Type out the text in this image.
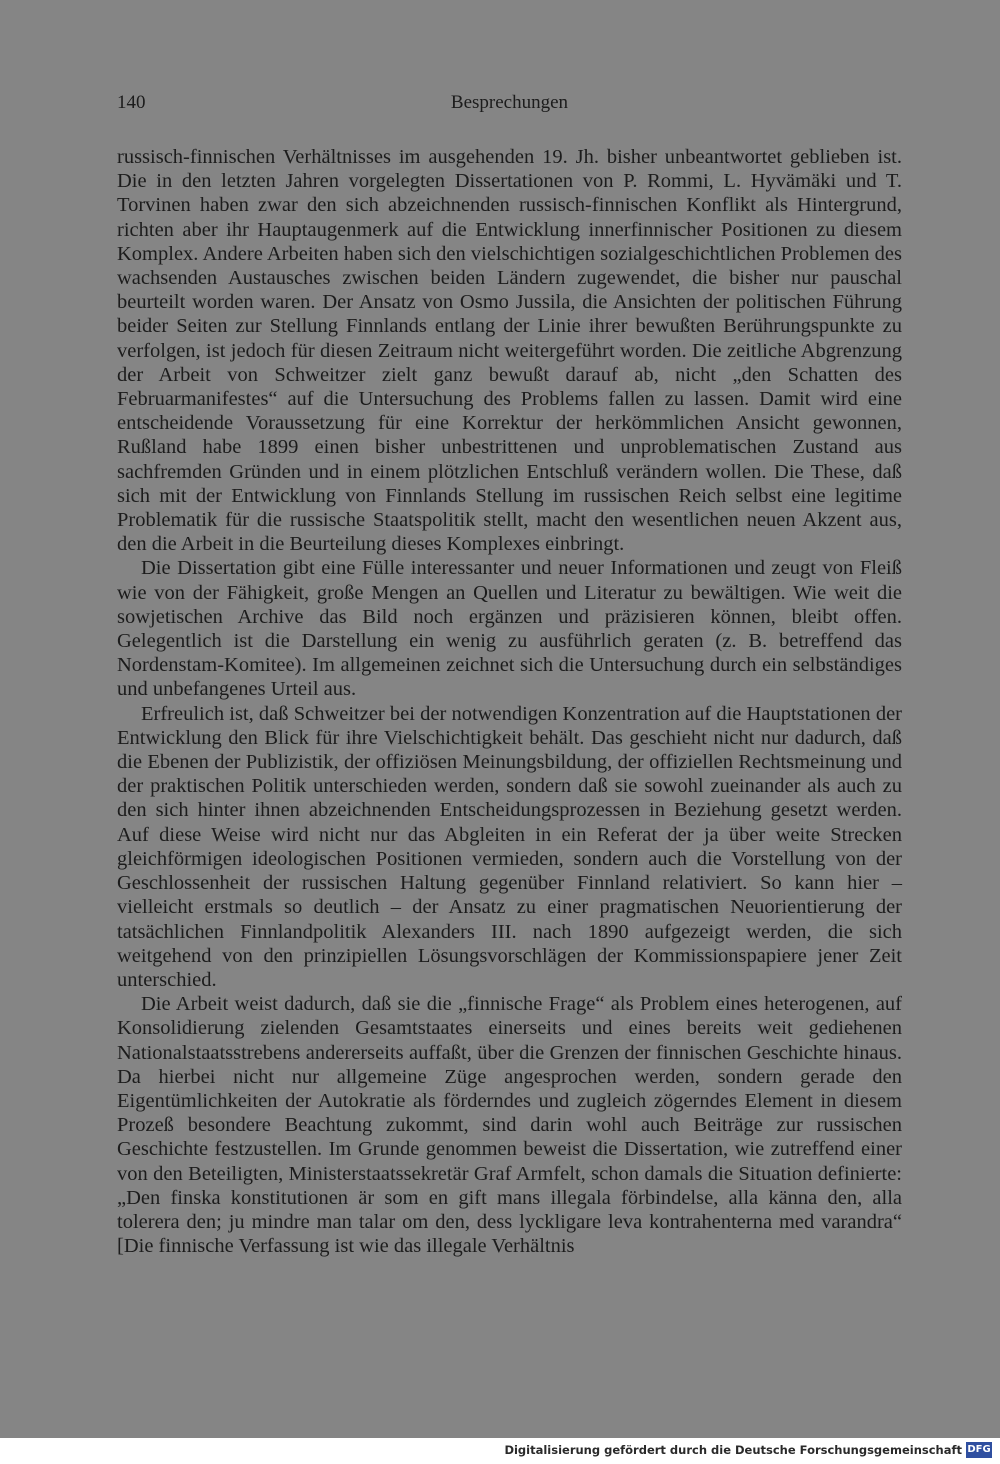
140	Besprechungen

russisch-finnischen Verhältnisses im ausgehenden 19. Jh. bisher unbeantwortet geblieben ist. Die in den letzten Jahren vorgelegten Dissertationen von P. Rommi, L. Hyvämäki und T. Torvinen haben zwar den sich abzeichnenden russisch-finnischen Konflikt als Hintergrund, richten aber ihr Hauptaugenmerk auf die Entwicklung innerfinnischer Positionen zu diesem Komplex. Andere Arbeiten haben sich den vielschichtigen sozialgeschichtlichen Problemen des wachsenden Austausches zwischen beiden Ländern zugewendet, die bisher nur pauschal beurteilt worden waren. Der Ansatz von Osmo Jussila, die Ansichten der politischen Führung beider Seiten zur Stellung Finnlands entlang der Linie ihrer bewußten Berührungspunkte zu verfolgen, ist jedoch für diesen Zeitraum nicht weitergeführt worden. Die zeitliche Abgrenzung der Arbeit von Schweitzer zielt ganz bewußt darauf ab, nicht „den Schatten des Februarmanifestes“ auf die Untersuchung des Problems fallen zu lassen. Damit wird eine entscheidende Voraussetzung für eine Korrektur der herkömmlichen Ansicht gewonnen, Rußland habe 1899 einen bisher unbestrittenen und unproblematischen Zustand aus sachfremden Gründen und in einem plötzlichen Entschluß verändern wollen. Die These, daß sich mit der Entwicklung von Finnlands Stellung im russischen Reich selbst eine legitime Problematik für die russische Staatspolitik stellt, macht den wesentlichen neuen Akzent aus, den die Arbeit in die Beurteilung dieses Komplexes einbringt.

Die Dissertation gibt eine Fülle interessanter und neuer Informationen und zeugt von Fleiß wie von der Fähigkeit, große Mengen an Quellen und Literatur zu bewältigen. Wie weit die sowjetischen Archive das Bild noch ergänzen und präzisieren können, bleibt offen. Gelegentlich ist die Darstellung ein wenig zu ausführlich geraten (z. B. betreffend das Nordenstam-Komitee). Im allgemeinen zeichnet sich die Untersuchung durch ein selbständiges und unbefangenes Urteil aus.

Erfreulich ist, daß Schweitzer bei der notwendigen Konzentration auf die Hauptstationen der Entwicklung den Blick für ihre Vielschichtigkeit behält. Das geschieht nicht nur dadurch, daß die Ebenen der Publizistik, der offiziösen Meinungsbildung, der offiziellen Rechtsmeinung und der praktischen Politik unterschieden werden, sondern daß sie sowohl zueinander als auch zu den sich hinter ihnen abzeichnenden Entscheidungsprozessen in Beziehung gesetzt werden. Auf diese Weise wird nicht nur das Abgleiten in ein Referat der ja über weite Strecken gleichförmigen ideologischen Positionen vermieden, sondern auch die Vorstellung von der Geschlossenheit der russischen Haltung gegenüber Finnland relativiert. So kann hier – vielleicht erstmals so deutlich – der Ansatz zu einer pragmatischen Neuorientierung der tatsächlichen Finnlandpolitik Alexanders III. nach 1890 aufgezeigt werden, die sich weitgehend von den prinzipiellen Lösungsvorschlägen der Kommissionspapiere jener Zeit unterschied.

Die Arbeit weist dadurch, daß sie die „finnische Frage“ als Problem eines heterogenen, auf Konsolidierung zielenden Gesamtstaates einerseits und eines bereits weit gediehenen Nationalstaatsstrebens andererseits auffaßt, über die Grenzen der finnischen Geschichte hinaus. Da hierbei nicht nur allgemeine Züge angesprochen werden, sondern gerade den Eigentümlichkeiten der Autokratie als förderndes und zugleich zögerndes Element in diesem Prozeß besondere Beachtung zukommt, sind darin wohl auch Beiträge zur russischen Geschichte festzustellen. Im Grunde genommen beweist die Dissertation, wie zutreffend einer von den Beteiligten, Ministerstaatssekretär Graf Armfelt, schon damals die Situation definierte: „Den finska konstitutionen är som en gift mans illegala förbindelse, alla känna den, alla tolerera den; ju mindre man talar om den, dess lyckligare leva kontrahenterna med varandra“ [Die finnische Verfassung ist wie das illegale Verhältnis

Digitalisierung gefördert durch die Deutsche Forschungsgemeinschaft DFG
